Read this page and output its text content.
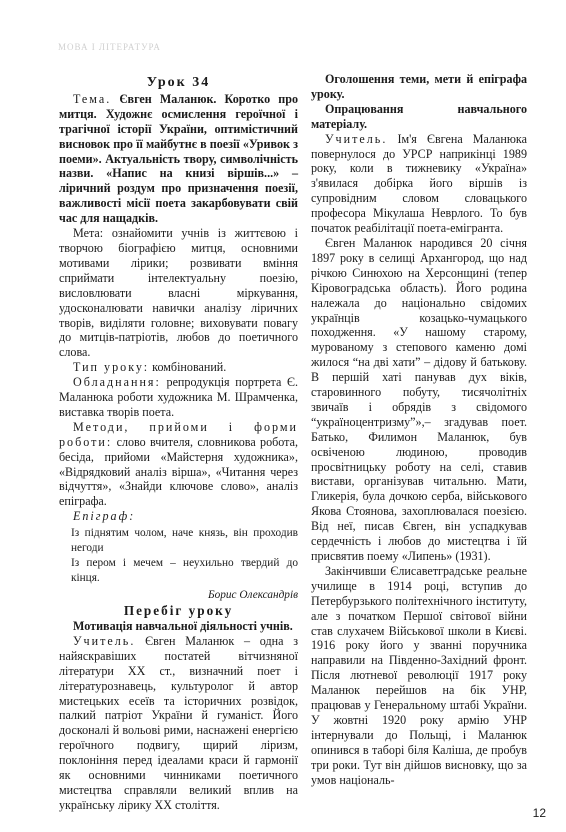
МОВА І ЛІТЕРАТУРА

Урок 34

Тема. Євген Маланюк. Коротко про митця. Художнє осмислення героїчної і трагічної історії України, оптимістичний висновок про її майбутнє в поезії «Уривок з поеми». Актуальність твору, символічність назви. «Напис на книзі віршів...» – ліричний роздум про призначення поезії, важливості місії поета закарбовувати свій час для нащадків.

Мета: ознайомити учнів із життєвою і творчою біографією митця, основними мотивами лірики; розвивати вміння сприймати інтелектуальну поезію, висловлювати власні міркування, удосконалювати навички аналізу ліричних творів, виділяти головне; виховувати повагу до митців-патріотів, любов до поетичного слова.

Тип уроку: комбінований.

Обладнання: репродукція портрета Є. Маланюка роботи художника М. Шрамченка, виставка творів поета.

Методи, прийоми і форми роботи: слово вчителя, словникова робота, бесіда, прийоми «Майстерня художника», «Відрядковий аналіз вірша», «Читання через відчуття», «Знайди ключове слово», аналіз епіграфа.

Епіграф:

Із піднятим чолом, наче князь, він проходив негоди

Із пером і мечем – неухильно твердий до кінця.

Борис Олександрів

Перебіг уроку

Мотивація навчальної діяльності учнів.

Учитель. Євген Маланюк – одна з найяскравіших постатей вітчизняної літератури ХХ ст., визначний поет і літературознавець, культуролог й автор мистецьких есеїв та історичних розвідок, палкий патріот України й гуманіст. Його досконалі й вольові рими, наснажені енергією героїчного подвигу, щирий ліризм, поклоніння перед ідеалами краси й гармонії як основними чинниками поетичного мистецтва справляли великий вплив на українську лірику ХХ століття.

Оголошення теми, мети й епіграфа уроку.

Опрацювання навчального матеріалу.

Учитель. Ім'я Євгена Маланюка повернулося до УРСР наприкінці 1989 року, коли в тижневику «Україна» з'явилася добірка його віршів із супровідним словом словацького професора Мікулаша Неврлого. То був початок реабілітації поета-емігранта.

Євген Маланюк народився 20 січня 1897 року в селищі Архангород, що над річкою Синюхою на Херсонщині (тепер Кіровоградська область). Його родина належала до національно свідомих українців козацько-чумацького походження. «У нашому старому, мурованому з степового каменю домі жилося “на дві хати” – дідову й батькову. В першій хаті панував дух віків, старовинного побуту, тисячолітніх звичаїв і обрядів з свідомого “україноцентризму”»,– згадував поет. Батько, Филимон Маланюк, був освіченою людиною, проводив просвітницьку роботу на селі, ставив вистави, організував читальню. Мати, Гликерія, була дочкою серба, військового Якова Стоянова, захоплювалася поезією. Від неї, писав Євген, він успадкував сердечність і любов до мистецтва і їй присвятив поему «Липень» (1931).

Закінчивши Єлисаветградське реальне училище в 1914 році, вступив до Петербурзького політехнічного інституту, але з початком Першої світової війни став слухачем Військової школи в Києві. 1916 року його у званні поручника направили на Південно-Західний фронт. Після лютневої революції 1917 року Маланюк перейшов на бік УНР, працював у Генеральному штабі України. У жовтні 1920 року армію УНР інтернували до Польщі, і Маланюк опинився в таборі біля Каліша, де пробув три роки. Тут він дійшов висновку, що за умов національ-

12
